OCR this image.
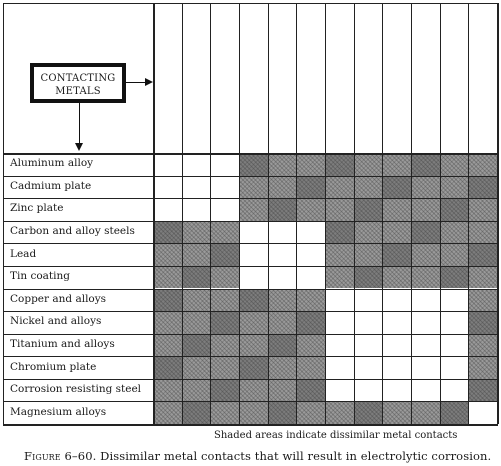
Aluminum alloy
Cadmium plate
Zinc plate
Carbon and alloy steels
Lead
Tin coating
Copper and alloys
Nickel and alloys
Titanium and alloys
Chromium plate
Corrosion resisting steel
Magnesium alloys
CONTACTING
METALS
Shaded areas indicate dissimilar metal contacts
Figure 6–60. Dissimilar metal contacts that will result in electrolytic corrosion.
